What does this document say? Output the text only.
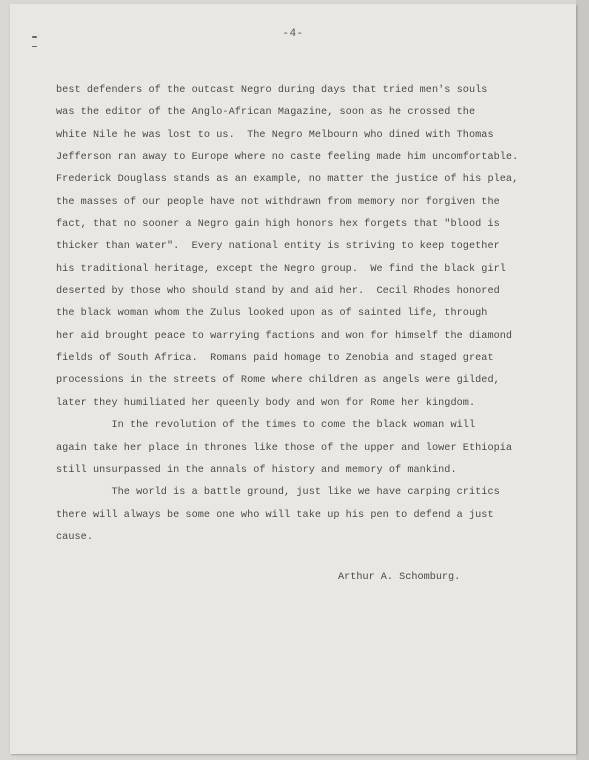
-4-
best defenders of the outcast Negro during days that tried men's souls
was the editor of the Anglo-African Magazine, soon as he crossed the
white Nile he was lost to us.  The Negro Melbourn who dined with Thomas
Jefferson ran away to Europe where no caste feeling made him uncomfortable.
Frederick Douglass stands as an example, no matter the justice of his plea,
the masses of our people have not withdrawn from memory nor forgiven the
fact, that no sooner a Negro gain high honors hex forgets that "blood is
thicker than water".  Every national entity is striving to keep together
his traditional heritage, except the Negro group.  We find the black girl
deserted by those who should stand by and aid her.  Cecil Rhodes honored
the black woman whom the Zulus looked upon as of sainted life, through
her aid brought peace to warrying factions and won for himself the diamond
fields of South Africa.  Romans paid homage to Zenobia and staged great
processions in the streets of Rome where children as angels were gilded,
later they humiliated her queenly body and won for Rome her kingdom.
In the revolution of the times to come the black woman will
again take her place in thrones like those of the upper and lower Ethiopia
still unsurpassed in the annals of history and memory of mankind.
The world is a battle ground, just like we have carping critics
there will always be some one who will take up his pen to defend a just
cause.
Arthur A. Schomburg.
